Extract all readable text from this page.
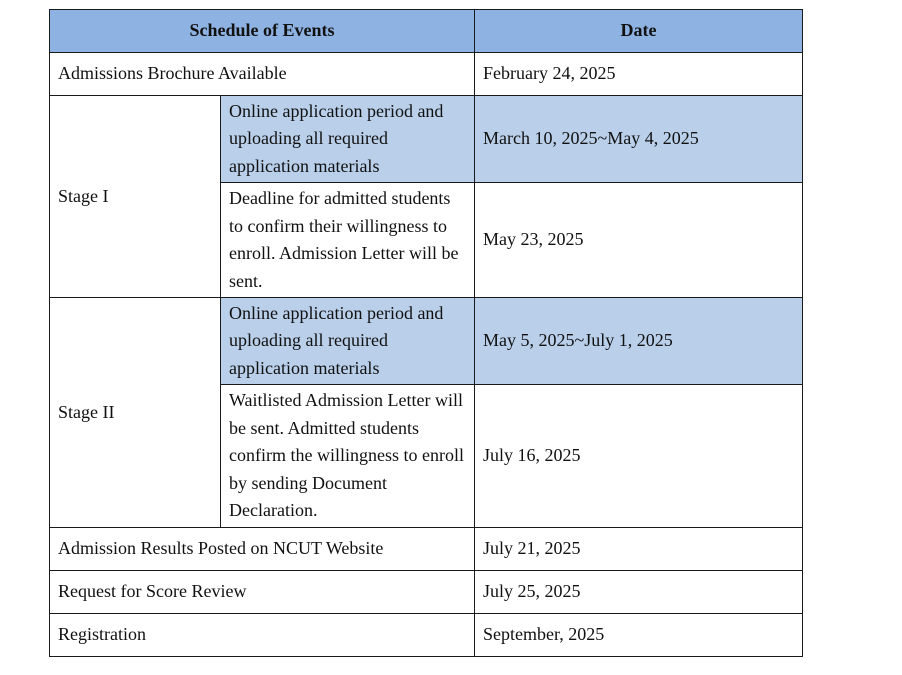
Schedule of Events		Date
Admissions Brochure Available		February 24, 2025
Stage I	Online application period and uploading all required application materials	March 10, 2025~May 4, 2025
	Deadline for admitted students to confirm their willingness to enroll. Admission Letter will be sent.	May 23, 2025
Stage II	Online application period and uploading all required application materials	May 5, 2025~July 1, 2025
	Waitlisted Admission Letter will be sent. Admitted students confirm the willingness to enroll by sending Document Declaration.	July 16, 2025
Admission Results Posted on NCUT Website		July 21, 2025
Request for Score Review		July 25, 2025
Registration		September, 2025
